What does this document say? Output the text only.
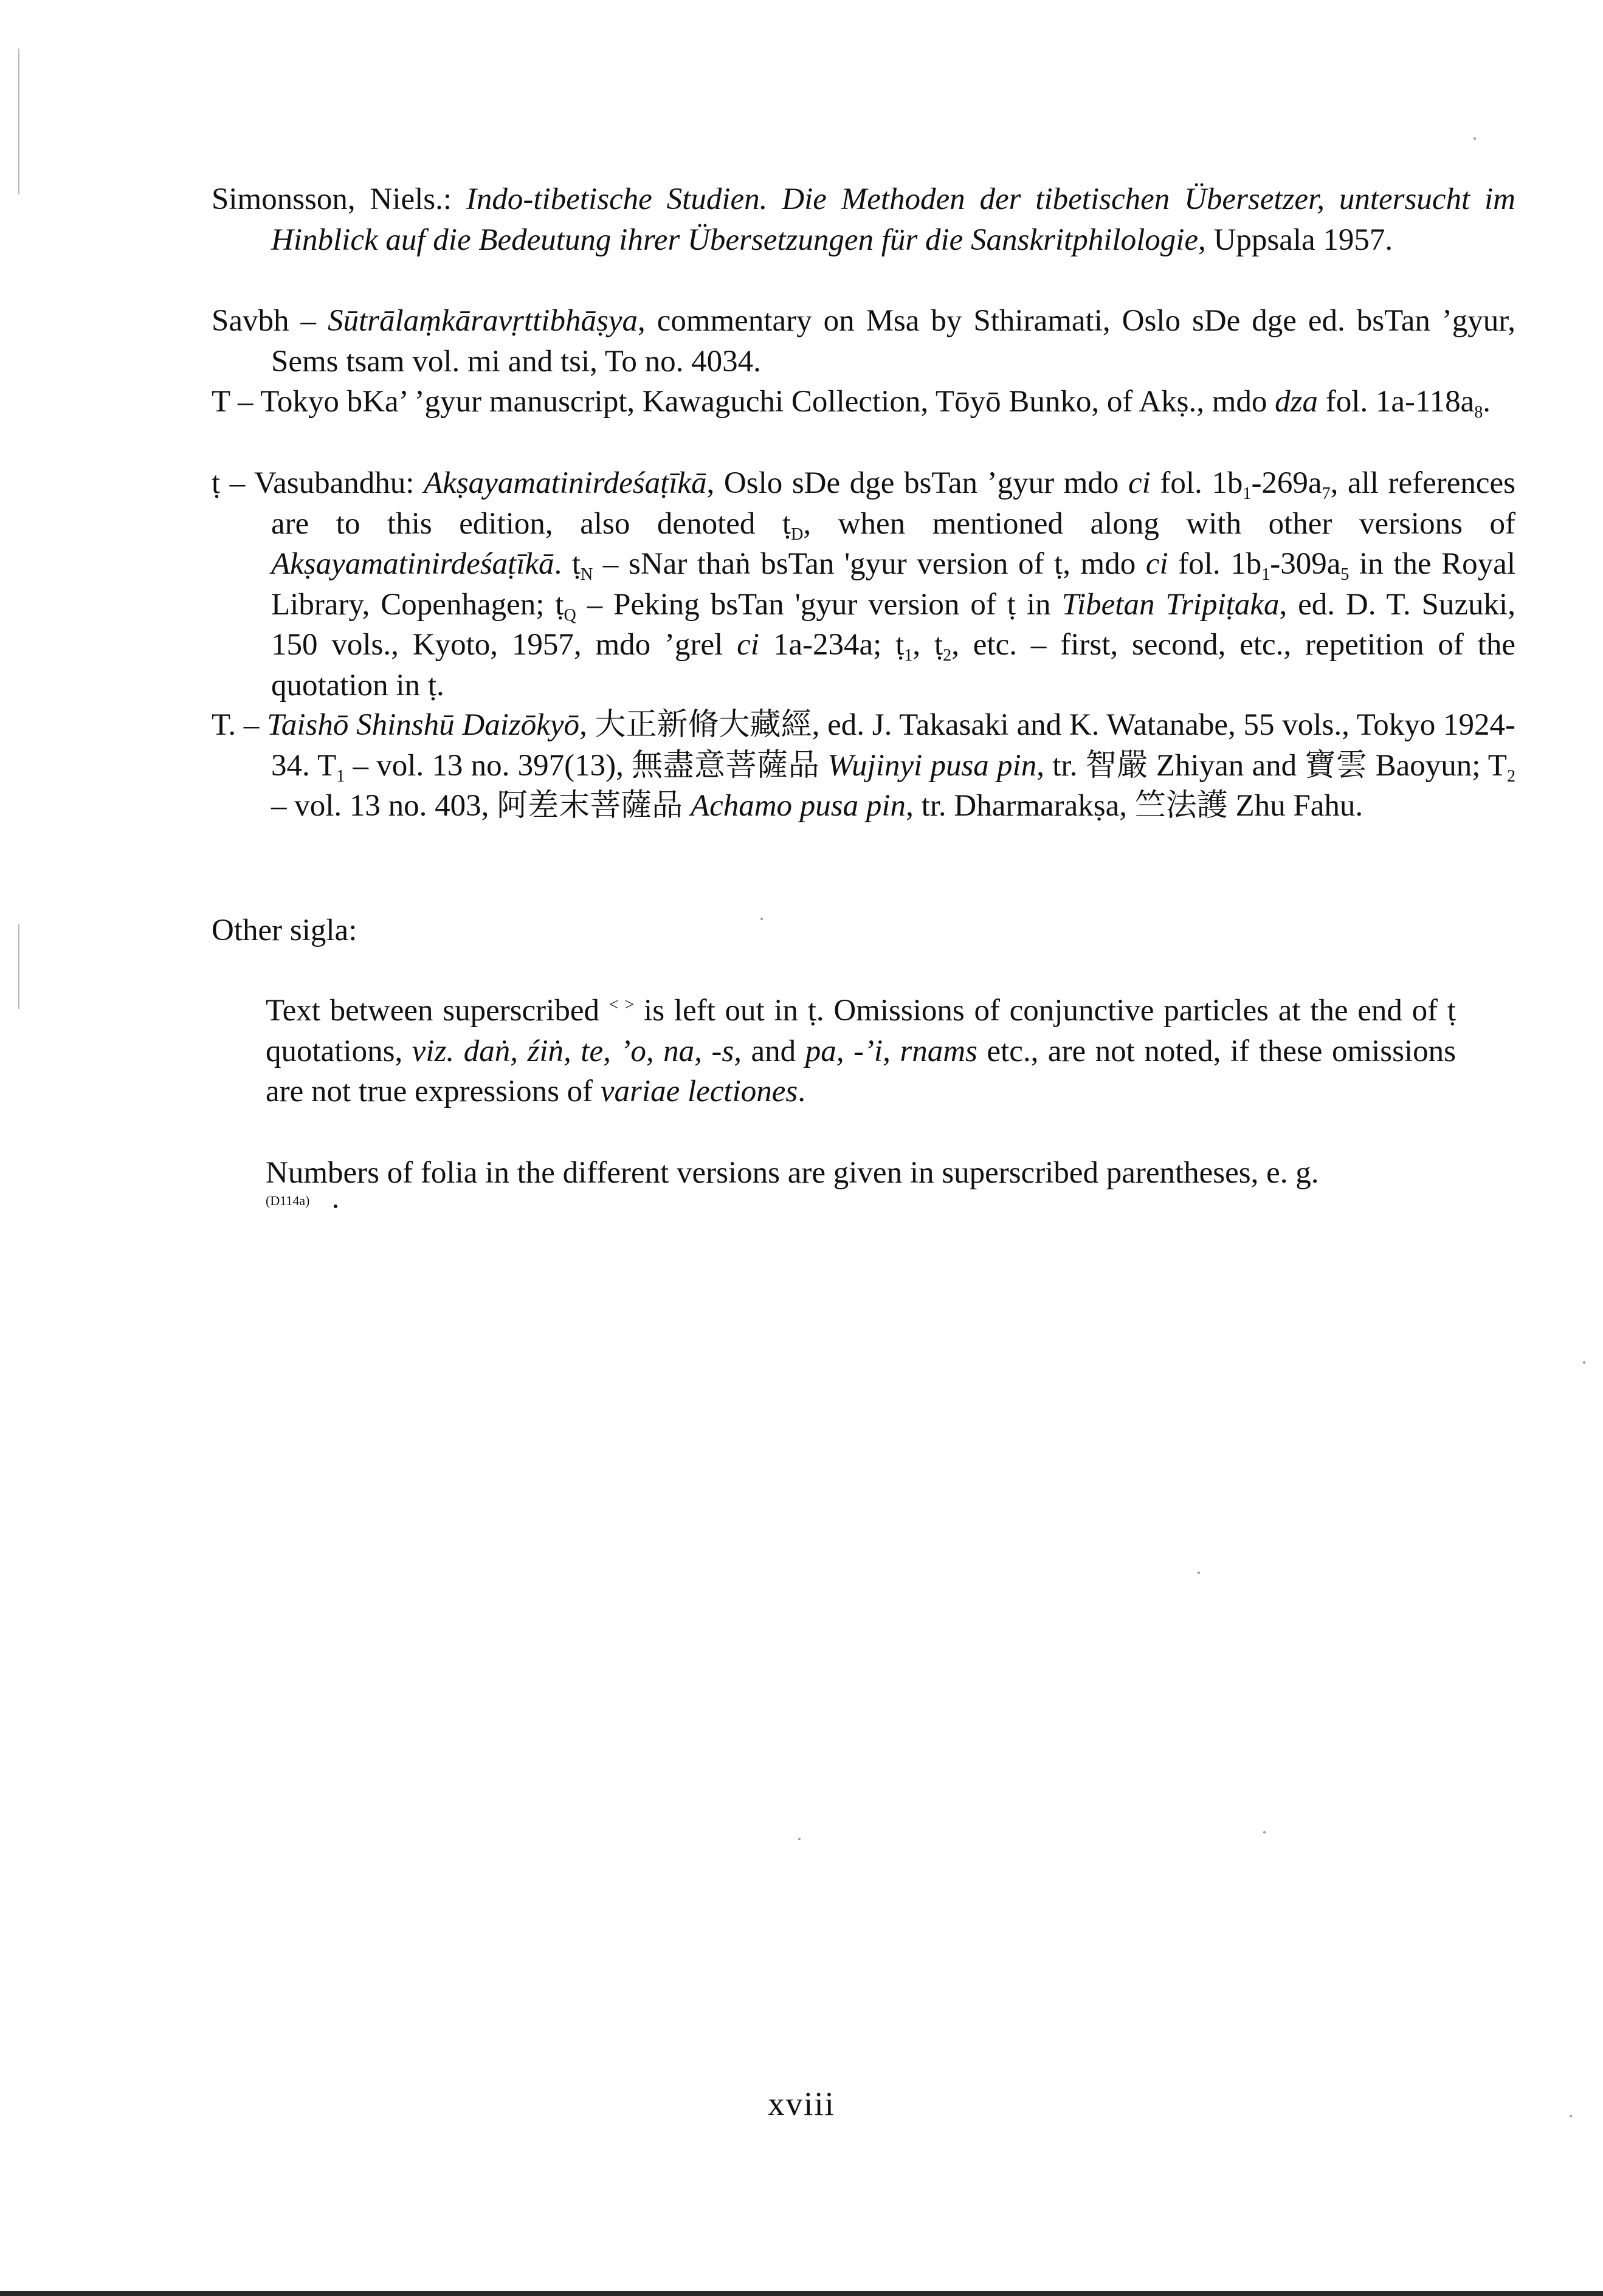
Simonsson, Niels.: Indo-tibetische Studien. Die Methoden der tibetischen Übersetzer, untersucht im Hinblick auf die Bedeutung ihrer Übersetzungen für die Sanskritphilologie, Uppsala 1957.

Savbh – Sūtrālaṃkāravṛttibhāṣya, commentary on Msa by Sthiramati, Oslo sDe dge ed. bsTan ’gyur, Sems tsam vol. mi and tsi, To no. 4034.

T – Tokyo bKa’ ’gyur manuscript, Kawaguchi Collection, Tōyō Bunko, of Akṣ., mdo dza fol. $1a-118a_8$.

ṭ – Vasubandhu: Akṣayamatinirdeśaṭīkā, Oslo sDe dge bsTan ’gyur mdo ci fol. $1b_1-269a_7$, all references are to this edition, also denoted ṭ$_D$, when mentioned along with other versions of Akṣayamatinirdeśaṭīkā. ṭ$_N$ – sNar thaṅ bsTan 'gyur version of ṭ, mdo ci fol. $1b_1-309a_5$ in the Royal Library, Copenhagen; ṭ$_Q$ – Peking bsTan 'gyur version of ṭ in Tibetan Tripiṭaka, ed. D. T. Suzuki, 150 vols., Kyoto, 1957, mdo ’grel ci 1a-234a; ṭ$_1$, ṭ$_2$, etc. – first, second, etc., repetition of the quotation in ṭ.

T. – Taishō Shinshū Daizōkyō, 大正新脩大藏經, ed. J. Takasaki and K. Watanabe, 55 vols., Tokyo 1924-34. $T_1$ – vol. 13 no. 397(13), 無盡意菩薩品 Wujinyi pusa pin, tr. 智嚴 Zhiyan and 寶雲 Baoyun; $T_2$ – vol. 13 no. 403, 阿差末菩薩品 Achamo pusa pin, tr. Dharmarakṣa, 竺法護 Zhu Fahu.

Other sigla:

Text between superscribed < > is left out in ṭ. Omissions of conjunctive particles at the end of ṭ quotations, viz. daṅ, źiṅ, te, ’o, na, -s, and pa, -’i, rnams etc., are not noted, if these omissions are not true expressions of variae lectiones.

Numbers of folia in the different versions are given in superscribed parentheses, e. g.

(D114a)
xviii
